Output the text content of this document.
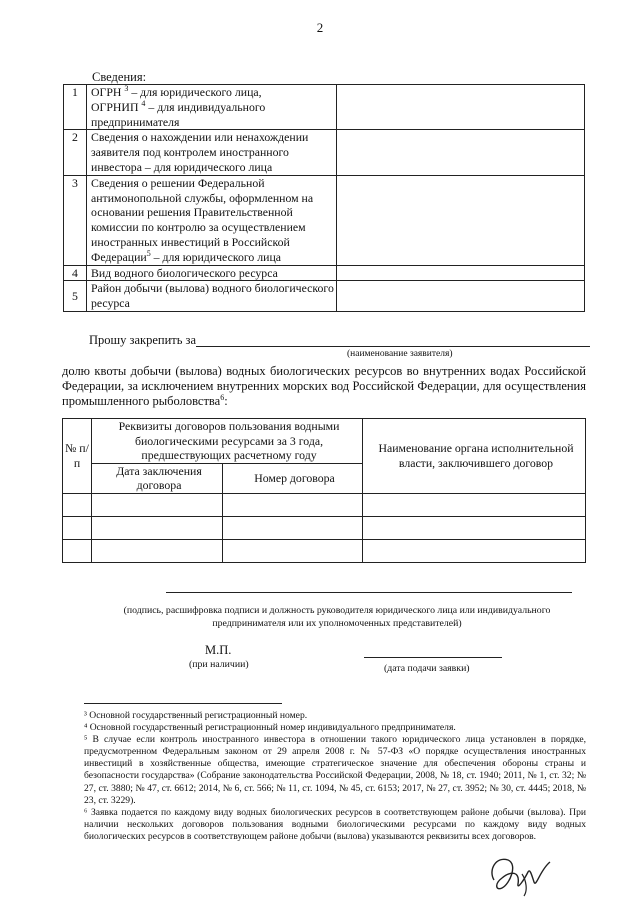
2
Сведения:
1	ОГРН $^3$ – для юридического лица,
ОГРНИП $^4$ – для индивидуального
предпринимателя	
2	Сведения о нахождении или ненахождении заявителя под контролем иностранного инвестора – для юридического лица	
3	Сведения о решении Федеральной антимонопольной службы, оформленном на основании решения Правительственной комиссии по контролю за осуществлением иностранных инвестиций в Российской Федерации$^5$ – для юридического лица	
4	Вид водного биологического ресурса	
5	Район добычи (вылова) водного биологического ресурса	
Прошу закрепить за
(наименование заявителя)
долю квоты добычи (вылова) водных биологических ресурсов во внутренних водах Российской Федерации, за исключением внутренних морских вод Российской Федерации, для осуществления промышленного рыболовства$^6$:
№ п/п	Реквизиты договоров пользования водными биологическими ресурсами за 3 года, предшествующих расчетному году		Наименование органа исполнительной власти, заключившего договор
	Дата заключения договора	Номер договора	

(подпись, расшифровка подписи и должность руководителя юридического лица или индивидуального предпринимателя или их уполномоченных представителей)
М.П.
(при наличии)	(дата подачи заявки)

³ Основной государственный регистрационный номер.

⁴ Основной государственный регистрационный номер индивидуального предпринимателя.

⁵ В случае если контроль иностранного инвестора в отношении такого юридического лица установлен в порядке, предусмотренном Федеральным законом от 29 апреля 2008 г. № 57-ФЗ «О порядке осуществления иностранных инвестиций в хозяйственные общества, имеющие стратегическое значение для обеспечения обороны страны и безопасности государства» (Собрание законодательства Российской Федерации, 2008, № 18, ст. 1940; 2011, № 1, ст. 32; № 27, ст. 3880; № 47, ст. 6612; 2014, № 6, ст. 566; № 11, ст. 1094, № 45, ст. 6153; 2017, № 27, ст. 3952; № 30, ст. 4445; 2018, № 23, ст. 3229).

⁶ Заявка подается по каждому виду водных биологических ресурсов в соответствующем районе добычи (вылова). При наличии нескольких договоров пользования водными биологическими ресурсами по каждому виду водных биологических ресурсов в соответствующем районе добычи (вылова) указываются реквизиты всех договоров.
